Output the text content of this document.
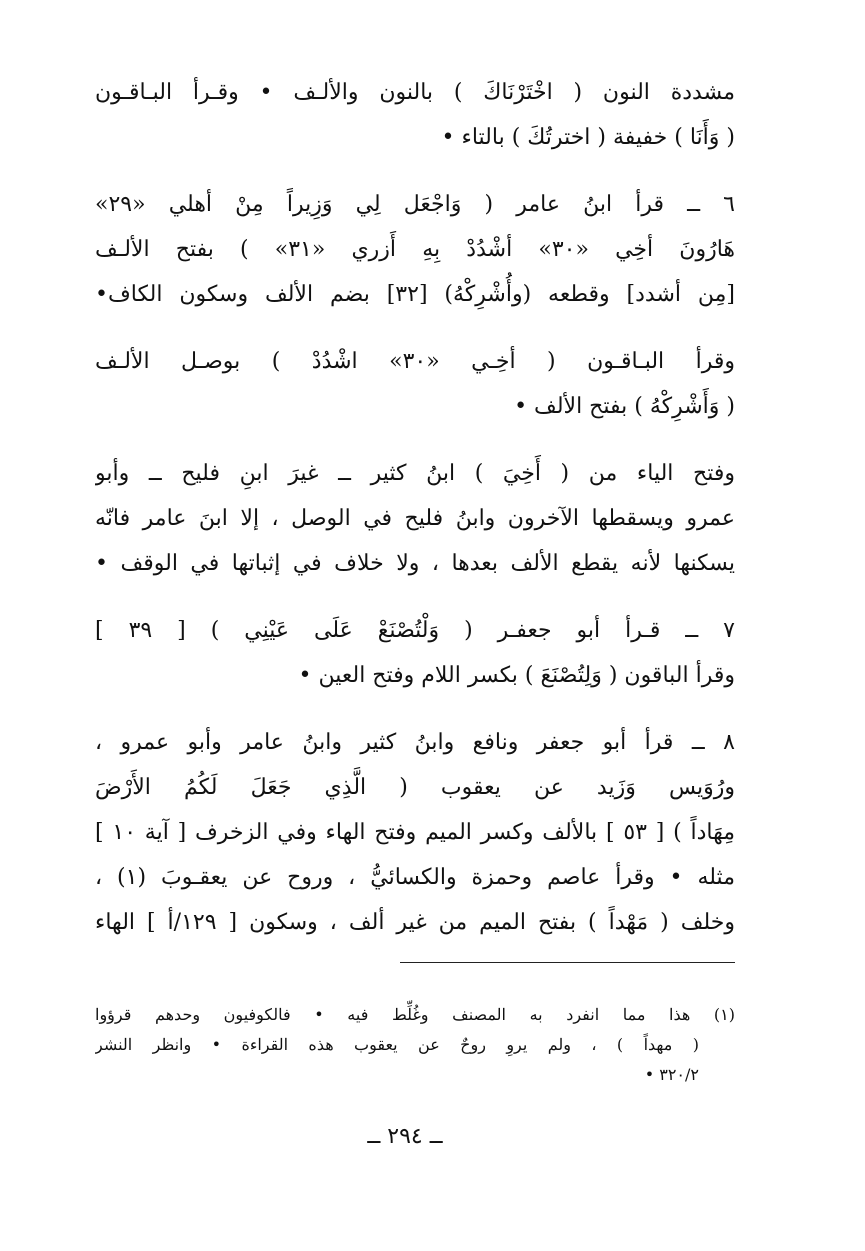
مشددة النون ( اخْتَرْنَاكَ ) بالنون والألـف • وقـرأ البـاقـون
( وَأَنَا ) خفيفة ( اخترتُكَ ) بالتاء •
٦ ــ قرأ ابنُ عامر ( وَاجْعَل لِي وَزِيراً مِنْ أهلي «٢٩»
هَارُونَ أخِي «٣٠» أشْدُدْ بِهِ أَزري «٣١» ) بفتح الألـف
[مِن أشدد] وقطعه (وأُشْرِكْهُ) [٣٢] بضم الألف وسكون الكاف•
وقرأ البـاقـون ( أخِـي «٣٠» اشْدُدْ ) بوصـل الألـف
( وَأَشْرِكْهُ ) بفتح الألف •
وفتح الياء من ( أَخِيَ ) ابنُ كثير ــ غيرَ ابنِ فليح ــ وأبو
عمرو ويسقطها الآخرون وابنُ فليح في الوصل ، إلا ابنَ عامر فانّه
يسكنها لأنه يقطع الألف بعدها ، ولا خلاف في إثباتها في الوقف •
٧ ــ قـرأ أبو جعفـر ( وَلْتُصْنَعْ عَلَى عَيْنِي ) [ ٣٩ ]
وقرأ الباقون ( وَلِتُصْنَعَ ) بكسر اللام وفتح العين •
٨ ــ قرأ أبو جعفر ونافع وابنُ كثير وابنُ عامر وأبو عمرو ،
ورُوَيس وَزَيد عن يعقوب ( الَّذِي جَعَلَ لَكُمُ الأَرْضَ
مِهَاداً ) [ ٥٣ ] بالألف وكسر الميم وفتح الهاء وفي الزخرف [ آية ١٠ ]
مثله • وقرأ عاصم وحمزة والكسائيُّ ، وروح عن يعقـوبَ (١) ،
وخلف ( مَهْداً ) بفتح الميم من غير ألف ، وسكون [ ١٢٩/أ ] الهاء
(١) هذا مما انفرد به المصنف وغُلِّط فيه • فالكوفيون وحدهم قرؤوا
( مهداً ) ، ولم يروِ روحٌ عن يعقوب هذه القراءة • وانظر النشر
٣٢٠/٢ •
ــ ٢٩٤ ــ
